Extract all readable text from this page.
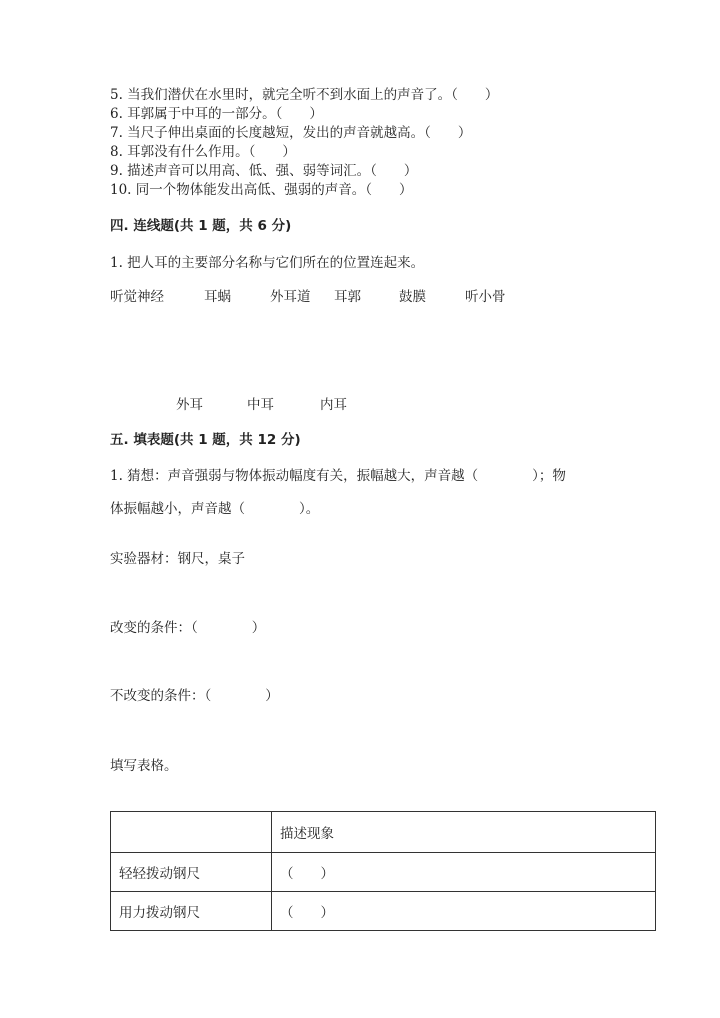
5. 当我们潜伏在水里时，就完全听不到水面上的声音了。（　　）
6. 耳郭属于中耳的一部分。（　　）
7. 当尺子伸出桌面的长度越短，发出的声音就越高。（　　）
8. 耳郭没有什么作用。（　　）
9. 描述声音可以用高、低、强、弱等词汇。（　　）
10. 同一个物体能发出高低、强弱的声音。（　　）
四. 连线题(共 1 题，共 6 分)
1. 把人耳的主要部分名称与它们所在的位置连起来。
听觉神经	耳蜗	外耳道 耳郭	鼓膜	听小骨
外耳	中耳	内耳
五. 填表题(共 1 题，共 12 分)
1. 猜想：声音强弱与物体振动幅度有关，振幅越大，声音越（　　　　）；物
体振幅越小，声音越（　　　　）。
实验器材：钢尺，桌子
改变的条件：（　　　　）
不改变的条件：（　　　　）
填写表格。
	描述现象
轻轻拨动钢尺	（　　）
用力拨动钢尺	（　　）
